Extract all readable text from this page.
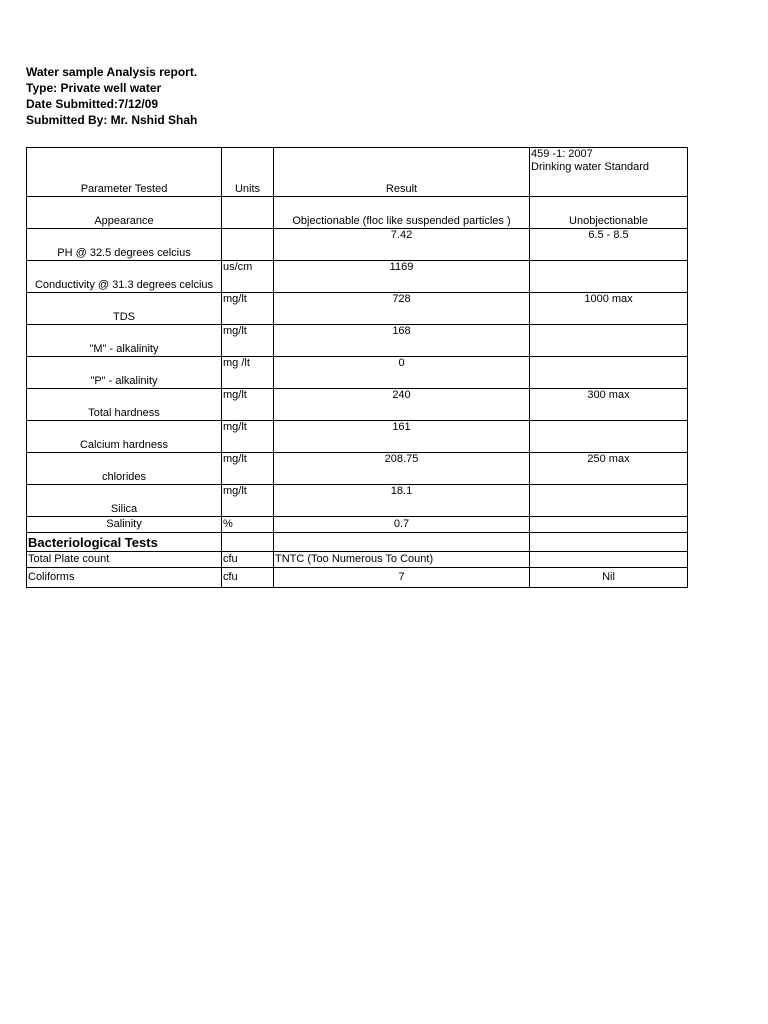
Water sample Analysis report.
Type: Private well water
Date Submitted:7/12/09
Submitted By: Mr. Nshid Shah
Parameter Tested	Units	Result	459 -1: 2007
Drinking water Standard

Appearance		Objectionable (floc like suspended particles )	Unobjectionable
PH @ 32.5 degrees celcius		7.42	6.5 - 8.5
Conductivity @ 31.3 degrees celcius	us/cm	1169	
TDS	mg/lt	728	1000 max
"M" - alkalinity	mg/lt	168	
"P" - alkalinity	mg /lt	0	
Total hardness	mg/lt	240	300 max
Calcium hardness	mg/lt	161	
chlorides	mg/lt	208.75	250 max
Silica	mg/lt	18.1	
Salinity	%	0.7	
Bacteriological Tests			
Total Plate count	cfu	TNTC (Too Numerous To Count)	
Coliforms	cfu	7	Nil
